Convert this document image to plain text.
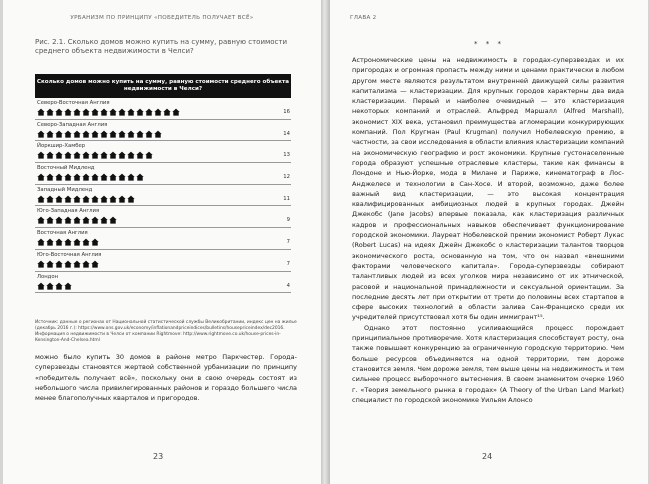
УРБАНИЗМ ПО ПРИНЦИПУ «ПОБЕДИТЕЛЬ ПОЛУЧАЕТ ВСЁ»
Рис. 2.1. Сколько домов можно купить на сумму, равную стоимости среднего объекта недвижимости в Челси?
Сколько домов можно купить на сумму, равную стоимости среднего объекта недвижимости в Челси?
Северо-Восточная Англия
16
Северо-Западная Англия
14
Йоркшир-Хамбер
13
Восточный Мидленд
12
Западный Мидленд
11
Юго-Западная Англия
9
Восточная Англия
7
Юго-Восточная Англия
7
Лондон
4
Источник: данные о регионах от Национальной статистической службы Великобритании, индекс цен на жилье (декабрь 2016 г.): https://www.ons.gov.uk/economy/inflationandpriceindices/bulletins/housepriceindex/dec2016. Информация о недвижимости в Челси от компании Rightmove: http://www.rightmove.co.uk/house-prices-in-Kensington-And-Chelsea.html

можно было купить 30 домов в районе метро Паркчестер. Города-суперзвезды становятся жертвой собственной урбанизации по принципу «победитель получает всё», поскольку они в свою очередь состоят из небольшого числа привилегированных районов и гораздо большего числа менее благополучных кварталов и пригородов.

23
ГЛАВА 2
* * *

Астрономические цены на недвижимость в городах-суперзвездах и их пригородах и огромная пропасть между ними и ценами практически в любом другом месте являются результатом внутренней движущей силы развития капитализма — кластеризации. Для крупных городов характерны два вида кластеризации. Первый и наиболее очевидный — это кластеризация некоторых компаний и отраслей. Альфред Маршалл (Alfred Marshall), экономист XIX века, установил преимущества агломерации конкурирующих компаний. Пол Кругман (Paul Krugman) получил Нобелевскую премию, в частности, за свои исследования в области влияния кластеризации компаний на экономическую географию и рост экономики. Крупные густонаселенные города образуют успешные отраслевые кластеры, такие как финансы в Лондоне и Нью-Йорке, мода в Милане и Париже, кинематограф в Лос-Анджелесе и технологии в Сан-Хосе. И второй, возможно, даже более важный вид кластеризации, — это высокая концентрация квалифицированных амбициозных людей в крупных городах. Джейн Джекобс (Jane Jacobs) впервые показала, как кластеризация различных кадров и профессиональных навыков обеспечивает функционирование городской экономики. Лауреат Нобелевской премии экономист Роберт Лукас (Robert Lucas) на идеях Джейн Джекобс о кластеризации талантов творцов экономического роста, основанную на том, что он назвал «внешними факторами человеческого капитала». Города-суперзвезды собирают талантливых людей из всех уголков мира независимо от их этнической, расовой и национальной принадлежности и сексуальной ориентации. За последние десять лет при открытии от трети до половины всех стартапов в сфере высоких технологий в области залива Сан-Франциско среди их учредителей присутствовал хотя бы один иммигрант¹⁵.

Однако этот постоянно усиливающийся процесс порождает принципиальное противоречие. Хотя кластеризация способствует росту, она также повышает конкуренцию за ограниченную городскую территорию. Чем больше ресурсов объединяется на одной территории, тем дороже становится земля. Чем дороже земля, тем выше цены на недвижимость и тем сильнее процесс выборочного вытеснения. В своем знаменитом очерке 1960 г. «Теория земельного рынка в городах» (A Theory of the Urban Land Market) специалист по городской экономике Уильям Алонсо

24
